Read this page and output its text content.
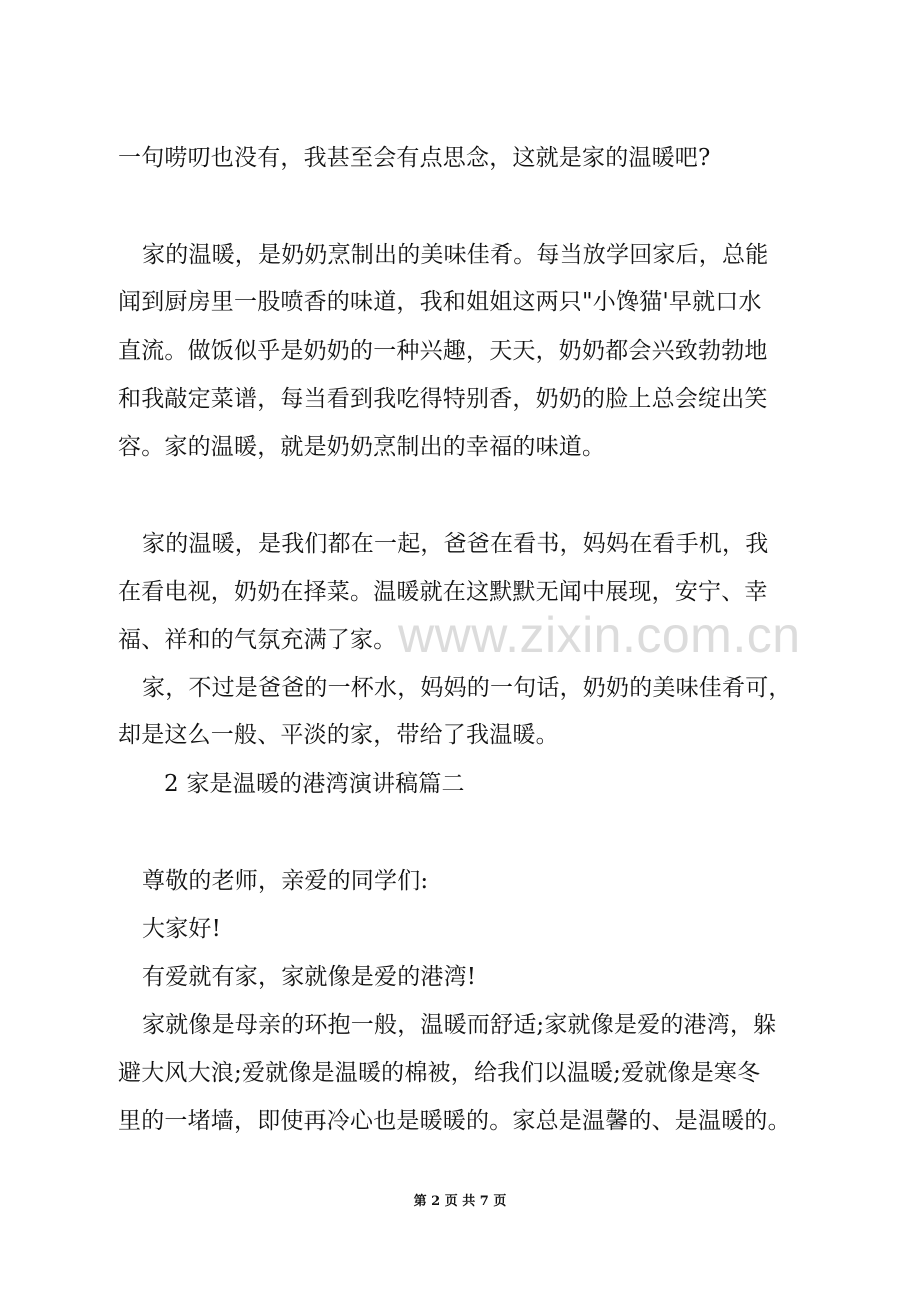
一句唠叨也没有，我甚至会有点思念，这就是家的温暖吧?
家的温暖，是奶奶烹制出的美味佳肴。每当放学回家后，总能
闻到厨房里一股喷香的味道，我和姐姐这两只"小馋猫'早就口水
直流。做饭似乎是奶奶的一种兴趣，天天，奶奶都会兴致勃勃地
和我敲定菜谱，每当看到我吃得特别香，奶奶的脸上总会绽出笑
容。家的温暖，就是奶奶烹制出的幸福的味道。
家的温暖，是我们都在一起，爸爸在看书，妈妈在看手机，我
在看电视，奶奶在择菜。温暖就在这默默无闻中展现，安宁、幸
福、祥和的气氛充满了家。
家，不过是爸爸的一杯水，妈妈的一句话，奶奶的美味佳肴可，
却是这么一般、平淡的家，带给了我温暖。
2 家是温暖的港湾演讲稿篇二
尊敬的老师，亲爱的同学们:
大家好!
有爱就有家，家就像是爱的港湾!
家就像是母亲的环抱一般，温暖而舒适;家就像是爱的港湾，躲
避大风大浪;爱就像是温暖的棉被，给我们以温暖;爱就像是寒冬
里的一堵墙，即使再冷心也是暖暖的。家总是温馨的、是温暖的。
www.zixin.com.cn
第 2 页 共 7 页
